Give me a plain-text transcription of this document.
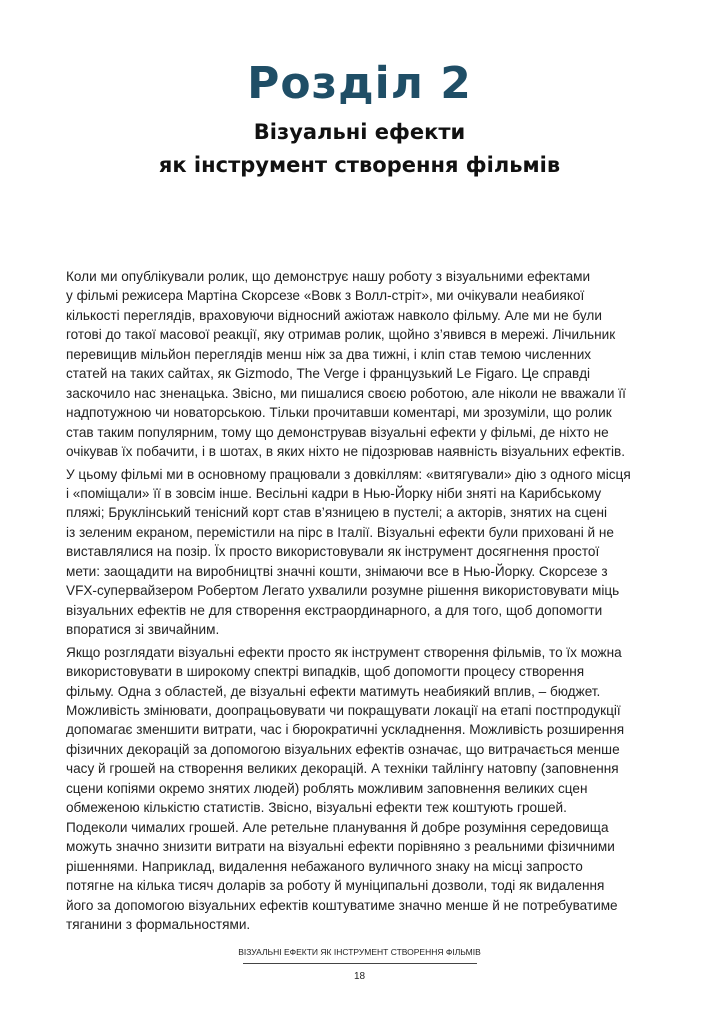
Розділ 2
Візуальні ефекти
як інструмент створення фільмів
Коли ми опублікували ролик, що демонструє нашу роботу з візуальними ефектами
у фільмі режисера Мартіна Скорсезе «Вовк з Волл-стріт», ми очікували неабиякої
кількості переглядів, враховуючи відносний ажіотаж навколо фільму. Але ми не були
готові до такої масової реакції, яку отримав ролик, щойно з’явився в мережі. Лічильник
перевищив мільйон переглядів менш ніж за два тижні, і кліп став темою численних
статей на таких сайтах, як Gizmodo, The Verge і французький Le Figaro. Це справді
заскочило нас зненацька. Звісно, ми пишалися своєю роботою, але ніколи не вважали її
надпотужною чи новаторською. Тільки прочитавши коментарі, ми зрозуміли, що ролик
став таким популярним, тому що демонстрував візуальні ефекти у фільмі, де ніхто не
очікував їх побачити, і в шотах, в яких ніхто не підозрював наявність візуальних ефектів.
У цьому фільмі ми в основному працювали з довкіллям: «витягували» дію з одного місця
і «поміщали» її в зовсім інше. Весільні кадри в Нью-Йорку ніби зняті на Карибському
пляжі; Бруклінський тенісний корт став в’язницею в пустелі; а акторів, знятих на сцені
із зеленим екраном, перемістили на пірс в Італії. Візуальні ефекти були приховані й не
виставлялися на позір. Їх просто використовували як інструмент досягнення простої
мети: заощадити на виробництві значні кошти, знімаючи все в Нью-Йорку. Скорсезе з
VFX-супервайзером Робертом Легато ухвалили розумне рішення використовувати міць
візуальних ефектів не для створення екстраординарного, а для того, щоб допомогти
впоратися зі звичайним.
Якщо розглядати візуальні ефекти просто як інструмент створення фільмів, то їх можна
використовувати в широкому спектрі випадків, щоб допомогти процесу створення
фільму. Одна з областей, де візуальні ефекти матимуть неабиякий вплив, – бюджет.
Можливість змінювати, доопрацьовувати чи покращувати локації на етапі постпродукції
допомагає зменшити витрати, час і бюрократичні ускладнення. Можливість розширення
фізичних декорацій за допомогою візуальних ефектів означає, що витрачається менше
часу й грошей на створення великих декорацій. А техніки тайлінгу натовпу (заповнення
сцени копіями окремо знятих людей) роблять можливим заповнення великих сцен
обмеженою кількістю статистів. Звісно, візуальні ефекти теж коштують грошей.
Подеколи чималих грошей. Але ретельне планування й добре розуміння середовища
можуть значно знизити витрати на візуальні ефекти порівняно з реальними фізичними
рішеннями. Наприклад, видалення небажаного вуличного знаку на місці запросто
потягне на кілька тисяч доларів за роботу й муніципальні дозволи, тоді як видалення
його за допомогою візуальних ефектів коштуватиме значно менше й не потребуватиме
тяганини з формальностями.
ВІЗУАЛЬНІ ЕФЕКТИ ЯК ІНСТРУМЕНТ СТВОРЕННЯ ФІЛЬМІВ
18
